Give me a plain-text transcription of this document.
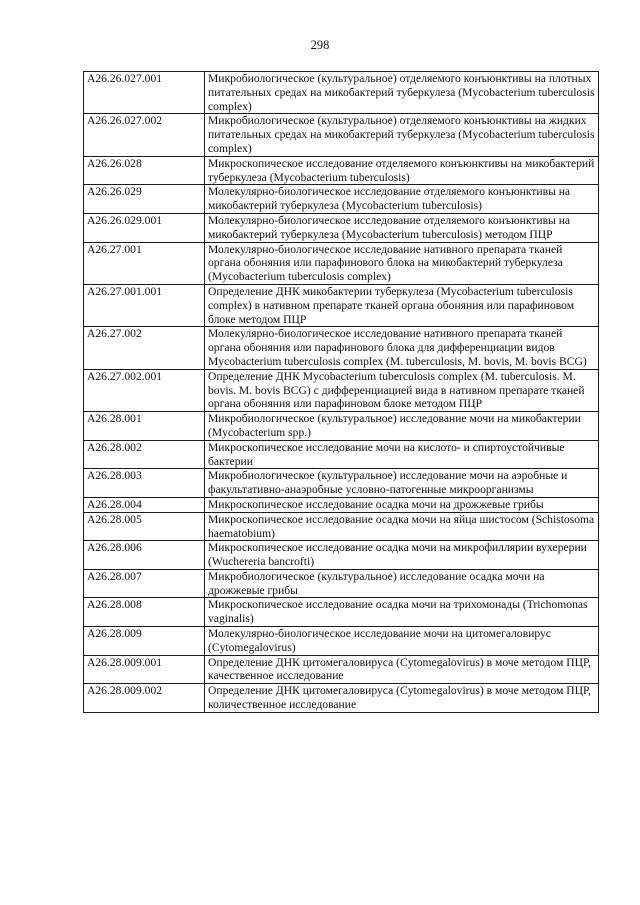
298
A26.26.027.001	Микробиологическое (культуральное) отделяемого конъюнктивы на плотных питательных средах на микобактерий туберкулеза (Mycobacterium tuberculosis complex)
A26.26.027.002	Микробиологическое (культуральное) отделяемого конъюнктивы на жидких питательных средах на микобактерий туберкулеза (Mycobacterium tuberculosis complex)
A26.26.028	Микроскопическое исследование отделяемого конъюнктивы на микобактерий туберкулеза (Mycobacterium tuberculosis)
A26.26.029	Молекулярно-биологическое исследование отделяемого конъюнктивы на микобактерий туберкулеза (Mycobacterium tuberculosis)
A26.26.029.001	Молекулярно-биологическое исследование отделяемого конъюнктивы на микобактерий туберкулеза (Mycobacterium tuberculosis) методом ПЦР
A26.27.001	Молекулярно-биологическое исследование нативного препарата тканей органа обоняния или парафинового блока на микобактерий туберкулеза (Mycobacterium tuberculosis complex)
A26.27.001.001	Определение ДНК микобактерии туберкулеза (Mycobacterium tuberculosis complex) в нативном препарате тканей органа обоняния или парафиновом блоке методом ПЦР
A26.27.002	Молекулярно-биологическое исследование нативного препарата тканей органа обоняния или парафинового блока для дифференциации видов Mycobacterium tuberculosis complex (M. tuberculosis, M. bovis, M. bovis BCG)
A26.27.002.001	Определение ДНК Mycobacterium tuberculosis complex (M. tuberculosis. M. bovis. M. bovis BCG) с дифференциацией вида в нативном препарате тканей органа обоняния или парафиновом блоке методом ПЦР
A26.28.001	Микробиологическое (культуральное) исследование мочи на микобактерии (Mycobacterium spp.)
A26.28.002	Микроскопическое исследование мочи на кислото- и спиртоустойчивые бактерии
A26.28.003	Микробиологическое (культуральное) исследование мочи на аэробные и факультативно-анаэробные условно-патогенные микроорганизмы
A26.28.004	Микроскопическое исследование осадка мочи на дрожжевые грибы
A26.28.005	Микроскопическое исследование осадка мочи на яйца шистосом (Schistosoma haematobium)
A26.28.006	Микроскопическое исследование осадка мочи на микрофиллярии вухерерии (Wuchereria bancrofti)
A26.28.007	Микробиологическое (культуральное) исследование осадка мочи на дрожжевые грибы
A26.28.008	Микроскопическое исследование осадка мочи на трихомонады (Trichomonas vaginalis)
A26.28.009	Молекулярно-биологическое исследование мочи на цитомегаловирус (Cytomegalovirus)
A26.28.009.001	Определение ДНК цитомегаловируса (Cytomegalovirus) в моче методом ПЦР, качественное исследование
A26.28.009.002	Определение ДНК цитомегаловируса (Cytomegalovirus) в моче методом ПЦР, количественное исследование
